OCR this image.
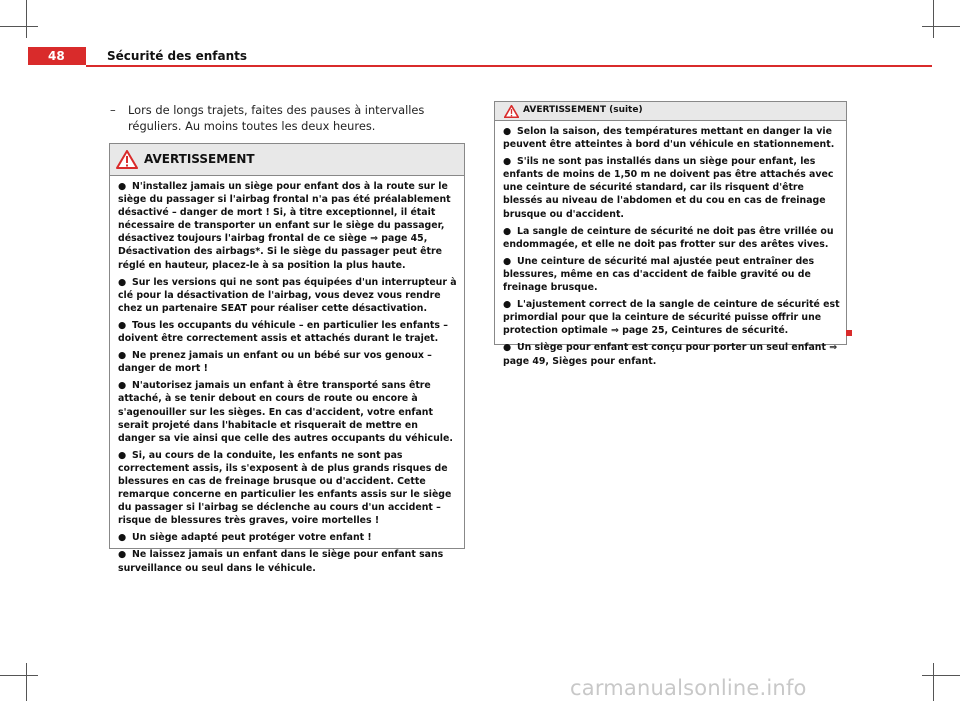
48	Sécurité des enfants
– Lors de longs trajets, faites des pauses à intervalles réguliers. Au moins toutes les deux heures.
AVERTISSEMENT
● N'installez jamais un siège pour enfant dos à la route sur le siège du passager si l'airbag frontal n'a pas été préalablement désactivé – danger de mort ! Si, à titre exceptionnel, il était nécessaire de transporter un enfant sur le siège du passager, désactivez toujours l'airbag frontal de ce siège ⇒ page 45, Désactivation des airbags*. Si le siège du passager peut être réglé en hauteur, placez-le à sa position la plus haute.
● Sur les versions qui ne sont pas équipées d'un interrupteur à clé pour la désactivation de l'airbag, vous devez vous rendre chez un partenaire SEAT pour réaliser cette désactivation.
● Tous les occupants du véhicule – en particulier les enfants – doivent être correctement assis et attachés durant le trajet.
● Ne prenez jamais un enfant ou un bébé sur vos genoux – danger de mort !
● N'autorisez jamais un enfant à être transporté sans être attaché, à se tenir debout en cours de route ou encore à s'agenouiller sur les sièges. En cas d'accident, votre enfant serait projeté dans l'habitacle et risquerait de mettre en danger sa vie ainsi que celle des autres occupants du véhicule.
● Si, au cours de la conduite, les enfants ne sont pas correctement assis, ils s'exposent à de plus grands risques de blessures en cas de freinage brusque ou d'accident. Cette remarque concerne en particulier les enfants assis sur le siège du passager si l'airbag se déclenche au cours d'un accident – risque de blessures très graves, voire mortelles !
● Un siège adapté peut protéger votre enfant !
● Ne laissez jamais un enfant dans le siège pour enfant sans surveillance ou seul dans le véhicule.
AVERTISSEMENT (suite)
● Selon la saison, des températures mettant en danger la vie peuvent être atteintes à bord d'un véhicule en stationnement.
● S'ils ne sont pas installés dans un siège pour enfant, les enfants de moins de 1,50 m ne doivent pas être attachés avec une ceinture de sécurité standard, car ils risquent d'être blessés au niveau de l'abdomen et du cou en cas de freinage brusque ou d'accident.
● La sangle de ceinture de sécurité ne doit pas être vrillée ou endommagée, et elle ne doit pas frotter sur des arêtes vives.
● Une ceinture de sécurité mal ajustée peut entraîner des blessures, même en cas d'accident de faible gravité ou de freinage brusque.
● L'ajustement correct de la sangle de ceinture de sécurité est primordial pour que la ceinture de sécurité puisse offrir une protection optimale ⇒ page 25, Ceintures de sécurité.
● Un siège pour enfant est conçu pour porter un seul enfant ⇒ page 49, Sièges pour enfant.
carmanualsonline.info
